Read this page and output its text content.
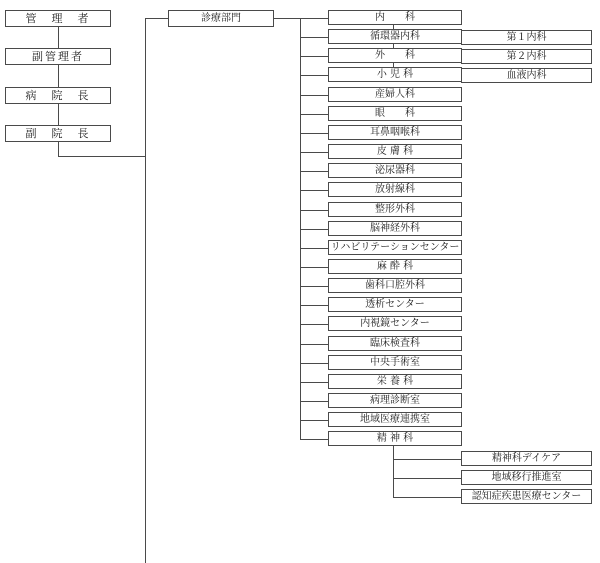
管　理　者
副管理者
病　院　長
副　院　長
診療部門	内　　科
第１内科
第２内科
血液内科
循環器内科
外　　科
小 児 科
産婦人科
眼　　科
耳鼻咽喉科
皮 膚 科
泌尿器科
放射線科
整形外科
脳神経外科
リハビリテーションセンター
麻 酔 科
歯科口腔外科
透析センター
内視鏡センター
臨床検査科
中央手術室
栄 養 科
病理診断室
地域医療連携室
精 神 科
精神科デイケア
地域移行推進室
認知症疾患医療センター
